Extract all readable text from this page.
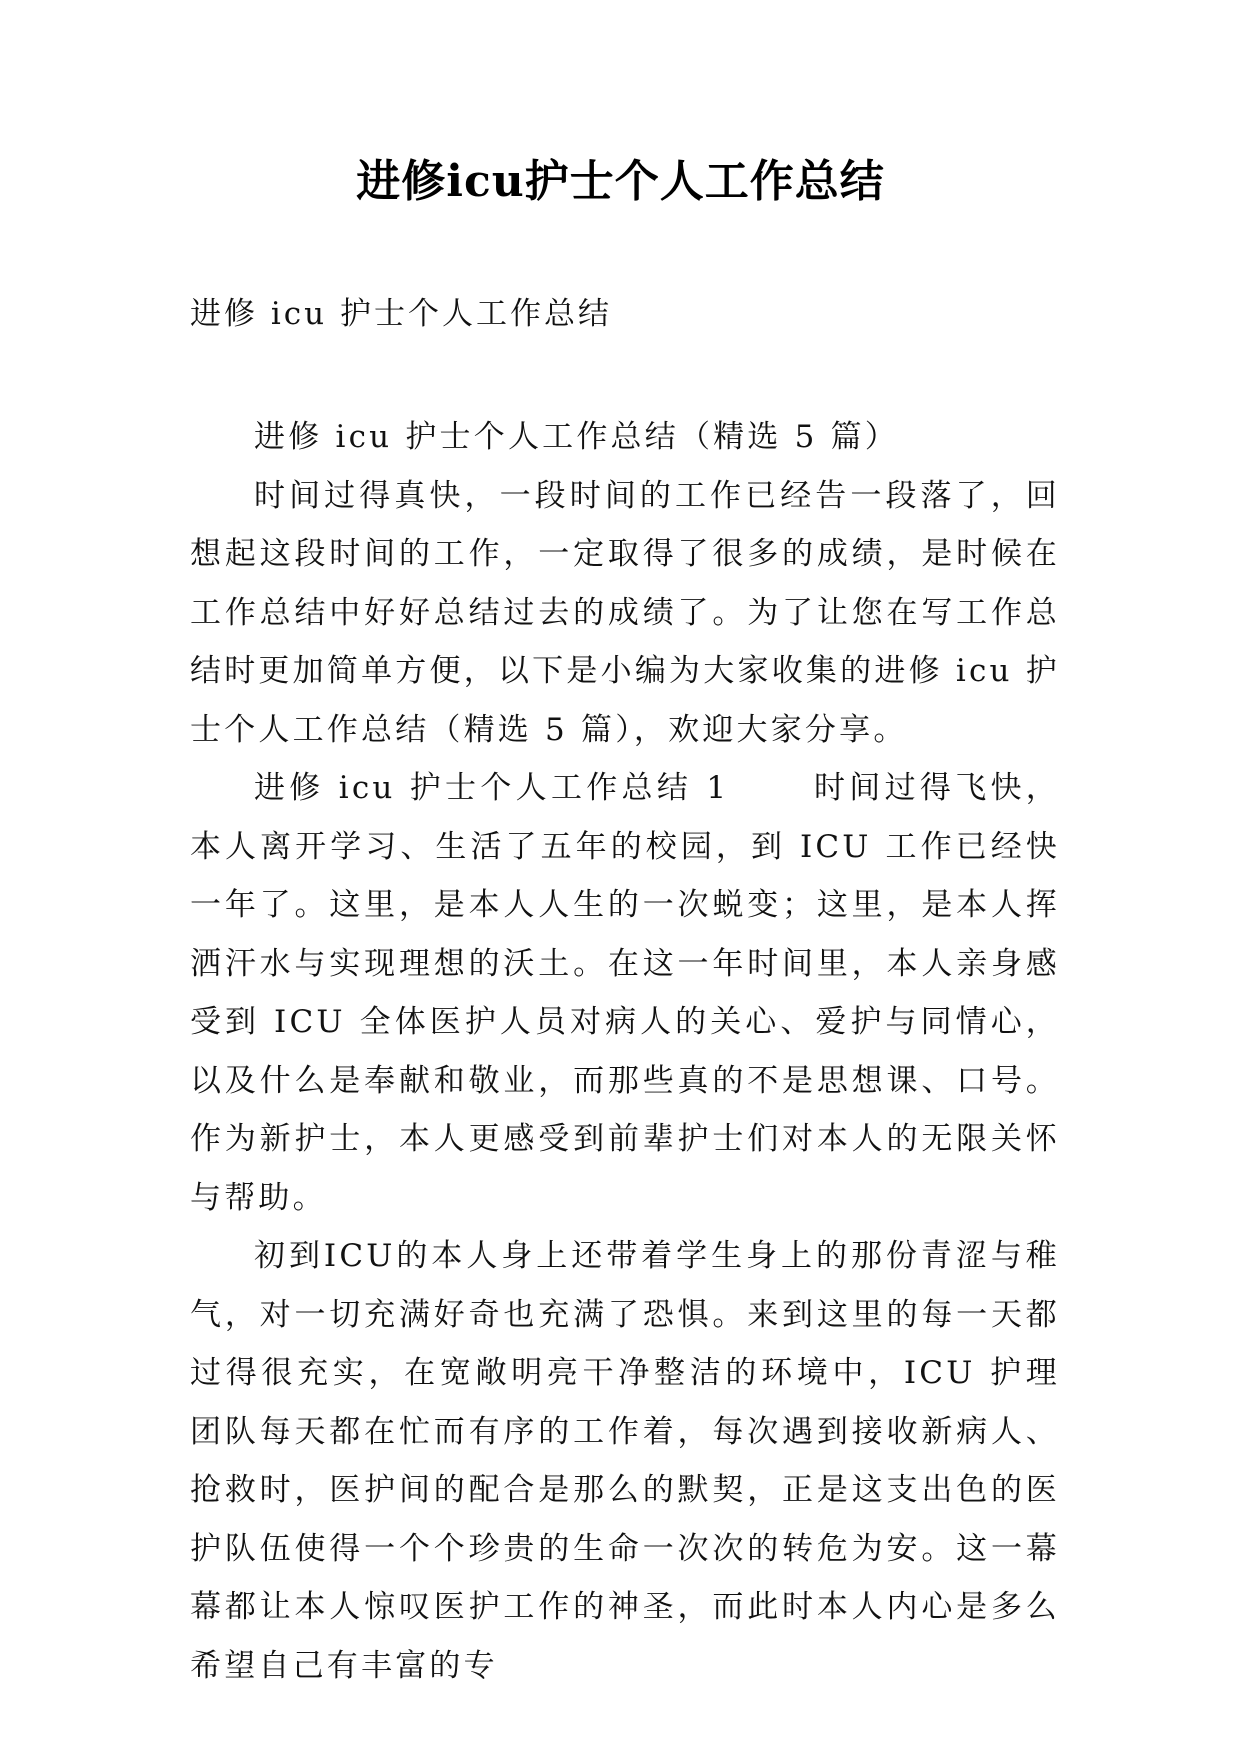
进修icu护士个人工作总结

进修 icu 护士个人工作总结

进修 icu 护士个人工作总结（精选 5 篇）

时间过得真快，一段时间的工作已经告一段落了，回想起这段时间的工作，一定取得了很多的成绩，是时候在工作总结中好好总结过去的成绩了。为了让您在写工作总结时更加简单方便，以下是小编为大家收集的进修 icu 护士个人工作总结（精选 5 篇），欢迎大家分享。

进修 icu 护士个人工作总结 1 　　时间过得飞快，本人离开学习、生活了五年的校园，到 ICU 工作已经快一年了。这里，是本人人生的一次蜕变；这里，是本人挥洒汗水与实现理想的沃土。在这一年时间里，本人亲身感受到 ICU 全体医护人员对病人的关心、爱护与同情心，以及什么是奉献和敬业，而那些真的不是思想课、口号。作为新护士，本人更感受到前辈护士们对本人的无限关怀与帮助。

初到ICU的本人身上还带着学生身上的那份青涩与稚气，对一切充满好奇也充满了恐惧。来到这里的每一天都过得很充实，在宽敞明亮干净整洁的环境中，ICU 护理团队每天都在忙而有序的工作着，每次遇到接收新病人、抢救时，医护间的配合是那么的默契，正是这支出色的医护队伍使得一个个珍贵的生命一次次的转危为安。这一幕幕都让本人惊叹医护工作的神圣，而此时本人内心是多么希望自己有丰富的专
